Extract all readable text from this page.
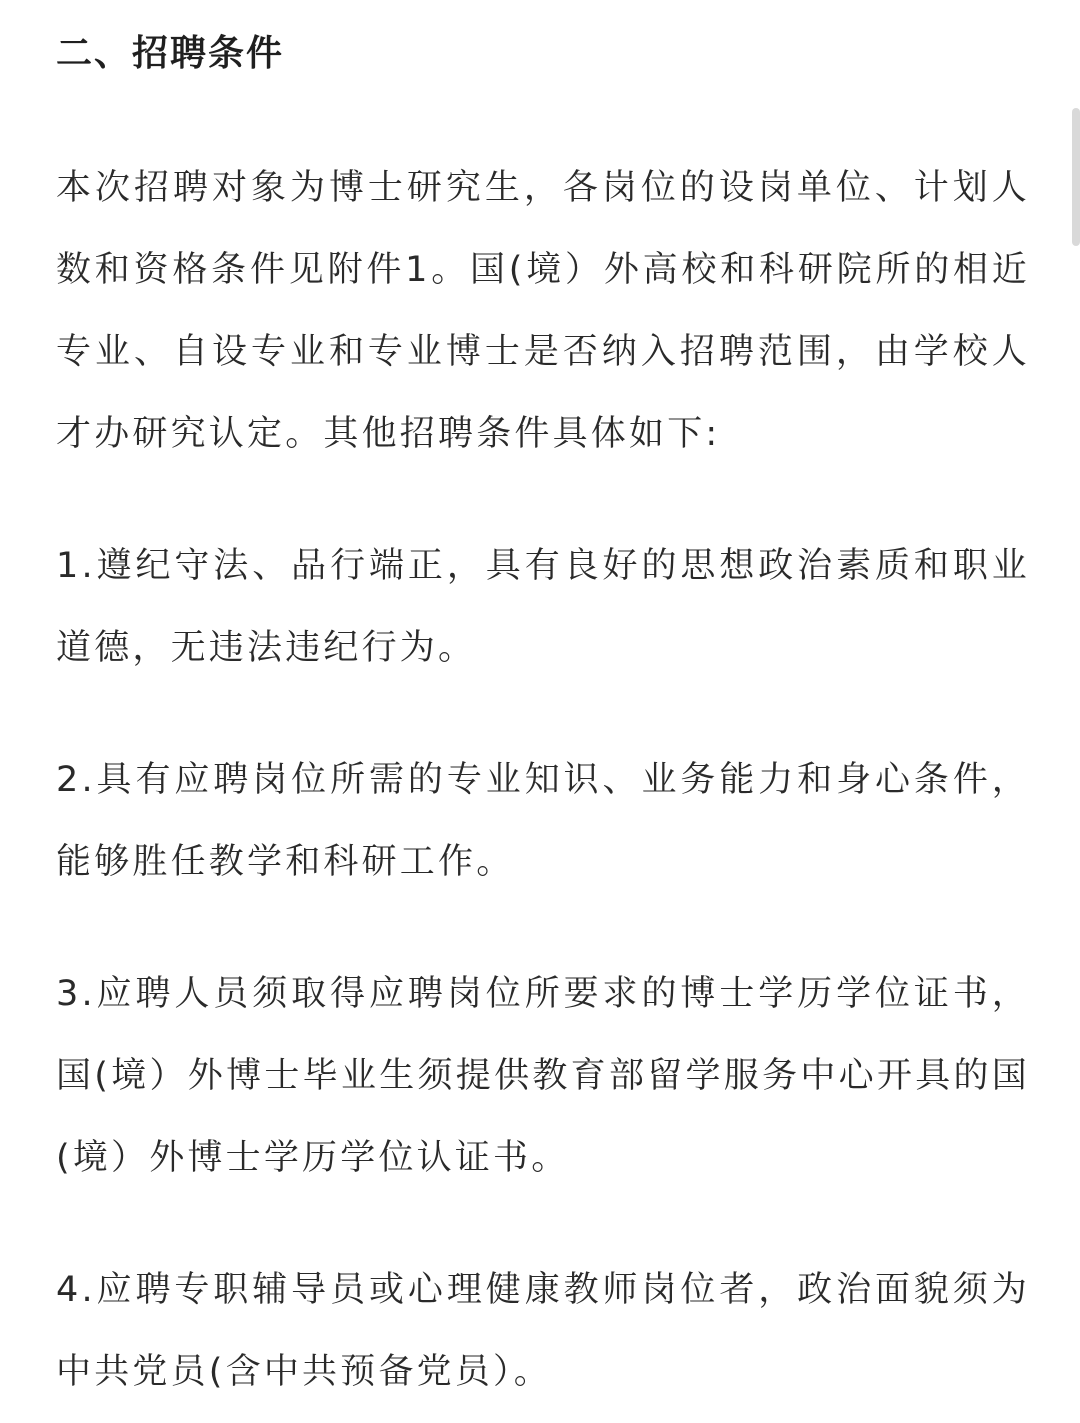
二、招聘条件

本次招聘对象为博士研究生，各岗位的设岗单位、计划人数和资格条件见附件1。国(境）外高校和科研院所的相近专业、自设专业和专业博士是否纳入招聘范围，由学校人才办研究认定。其他招聘条件具体如下:

1.遵纪守法、品行端正，具有良好的思想政治素质和职业道德，无违法违纪行为。

2.具有应聘岗位所需的专业知识、业务能力和身心条件，能够胜任教学和科研工作。

3.应聘人员须取得应聘岗位所要求的博士学历学位证书，国(境）外博士毕业生须提供教育部留学服务中心开具的国(境）外博士学历学位认证书。

4.应聘专职辅导员或心理健康教师岗位者，政治面貌须为中共党员(含中共预备党员）。
